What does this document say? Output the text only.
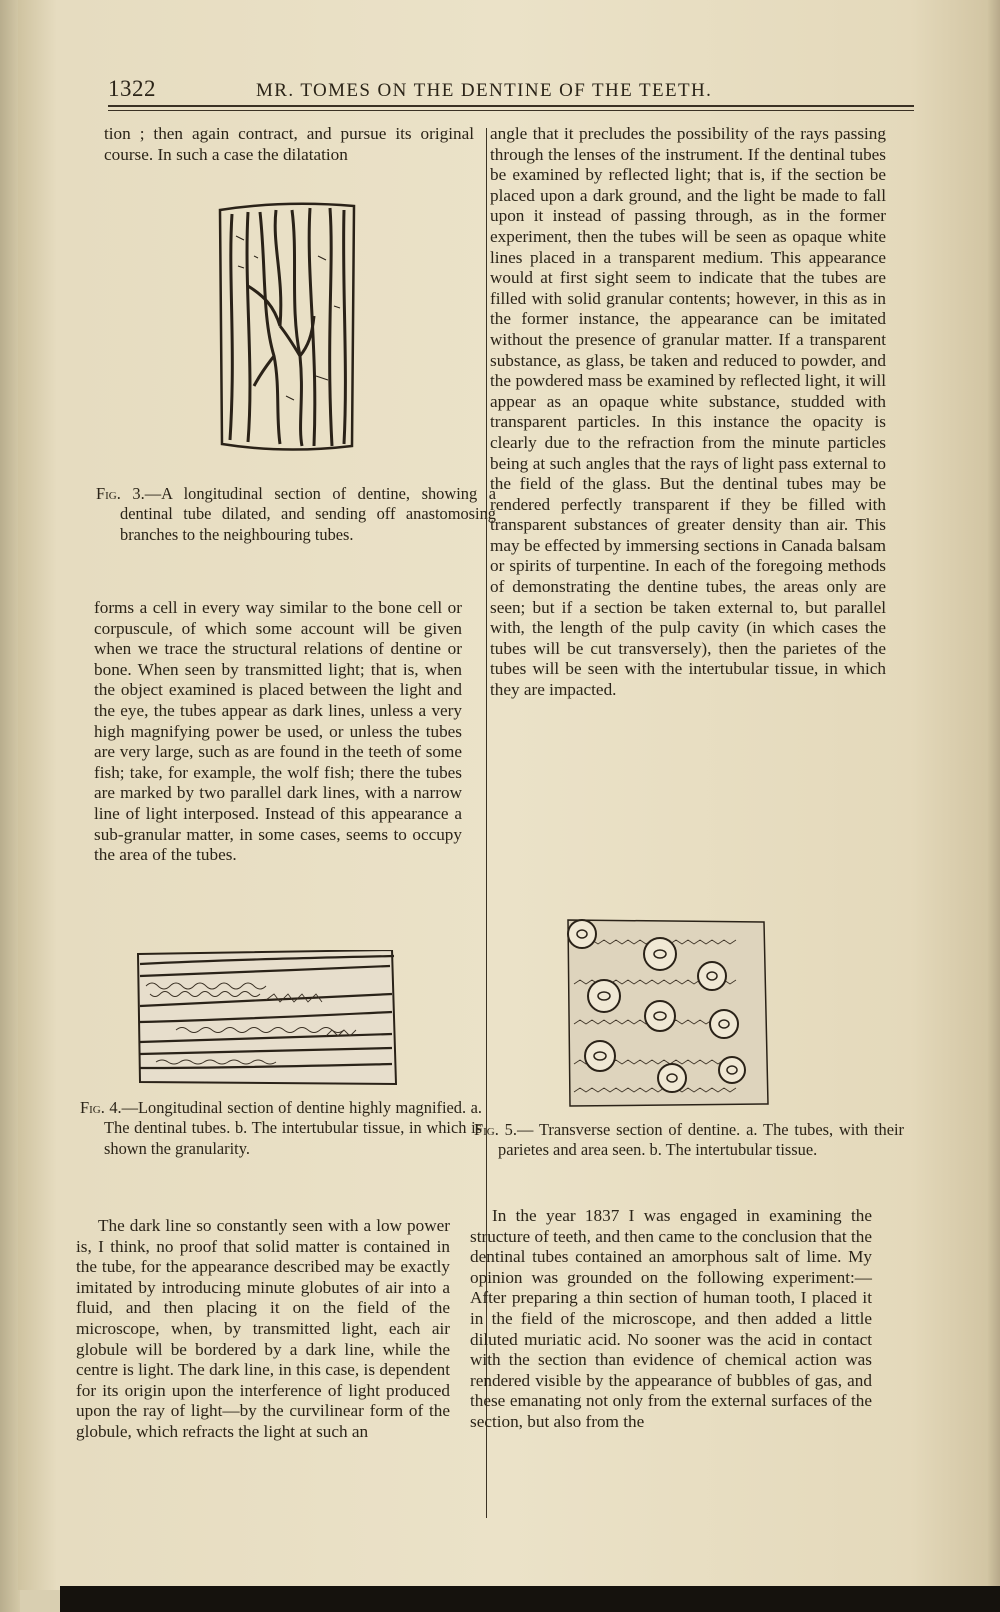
1322	MR. TOMES ON THE DENTINE OF THE TEETH.

tion ; then again contract, and pursue its original course. In such a case the dilatation

Fig. 3.—A longitudinal section of dentine, showing a dentinal tube dilated, and sending off anastomosing branches to the neighbouring tubes.

forms a cell in every way similar to the bone cell or corpuscule, of which some account will be given when we trace the structural relations of dentine or bone. When seen by transmitted light; that is, when the object examined is placed between the light and the eye, the tubes appear as dark lines, unless a very high magnifying power be used, or unless the tubes are very large, such as are found in the teeth of some fish; take, for example, the wolf fish; there the tubes are marked by two parallel dark lines, with a narrow line of light interposed. Instead of this appearance a sub-granular matter, in some cases, seems to occupy the area of the tubes.

Fig. 4.—Longitudinal section of dentine highly magnified. a. The dentinal tubes. b. The intertubular tissue, in which is shown the granularity.

The dark line so constantly seen with a low power is, I think, no proof that solid matter is contained in the tube, for the appearance described may be exactly imitated by introducing minute globutes of air into a fluid, and then placing it on the field of the microscope, when, by transmitted light, each air globule will be bordered by a dark line, while the centre is light. The dark line, in this case, is dependent for its origin upon the interference of light produced upon the ray of light—by the curvilinear form of the globule, which refracts the light at such an

angle that it precludes the possibility of the rays passing through the lenses of the instrument. If the dentinal tubes be examined by reflected light; that is, if the section be placed upon a dark ground, and the light be made to fall upon it instead of passing through, as in the former experiment, then the tubes will be seen as opaque white lines placed in a transparent medium. This appearance would at first sight seem to indicate that the tubes are filled with solid granular contents; however, in this as in the former instance, the appearance can be imitated without the presence of granular matter. If a transparent substance, as glass, be taken and reduced to powder, and the powdered mass be examined by reflected light, it will appear as an opaque white substance, studded with transparent particles. In this instance the opacity is clearly due to the refraction from the minute particles being at such angles that the rays of light pass external to the field of the glass. But the dentinal tubes may be rendered perfectly transparent if they be filled with transparent substances of greater density than air. This may be effected by immersing sections in Canada balsam or spirits of turpentine. In each of the foregoing methods of demonstrating the dentine tubes, the areas only are seen; but if a section be taken external to, but parallel with, the length of the pulp cavity (in which cases the tubes will be cut transversely), then the parietes of the tubes will be seen with the intertubular tissue, in which they are impacted.

Fig. 5.— Transverse section of dentine. a. The tubes, with their parietes and area seen. b. The intertubular tissue.

In the year 1837 I was engaged in examining the structure of teeth, and then came to the conclusion that the dentinal tubes contained an amorphous salt of lime. My opinion was grounded on the following experiment:—After preparing a thin section of human tooth, I placed it in the field of the microscope, and then added a little diluted muriatic acid. No sooner was the acid in contact with the section than evidence of chemical action was rendered visible by the appearance of bubbles of gas, and these emanating not only from the external surfaces of the section, but also from the
